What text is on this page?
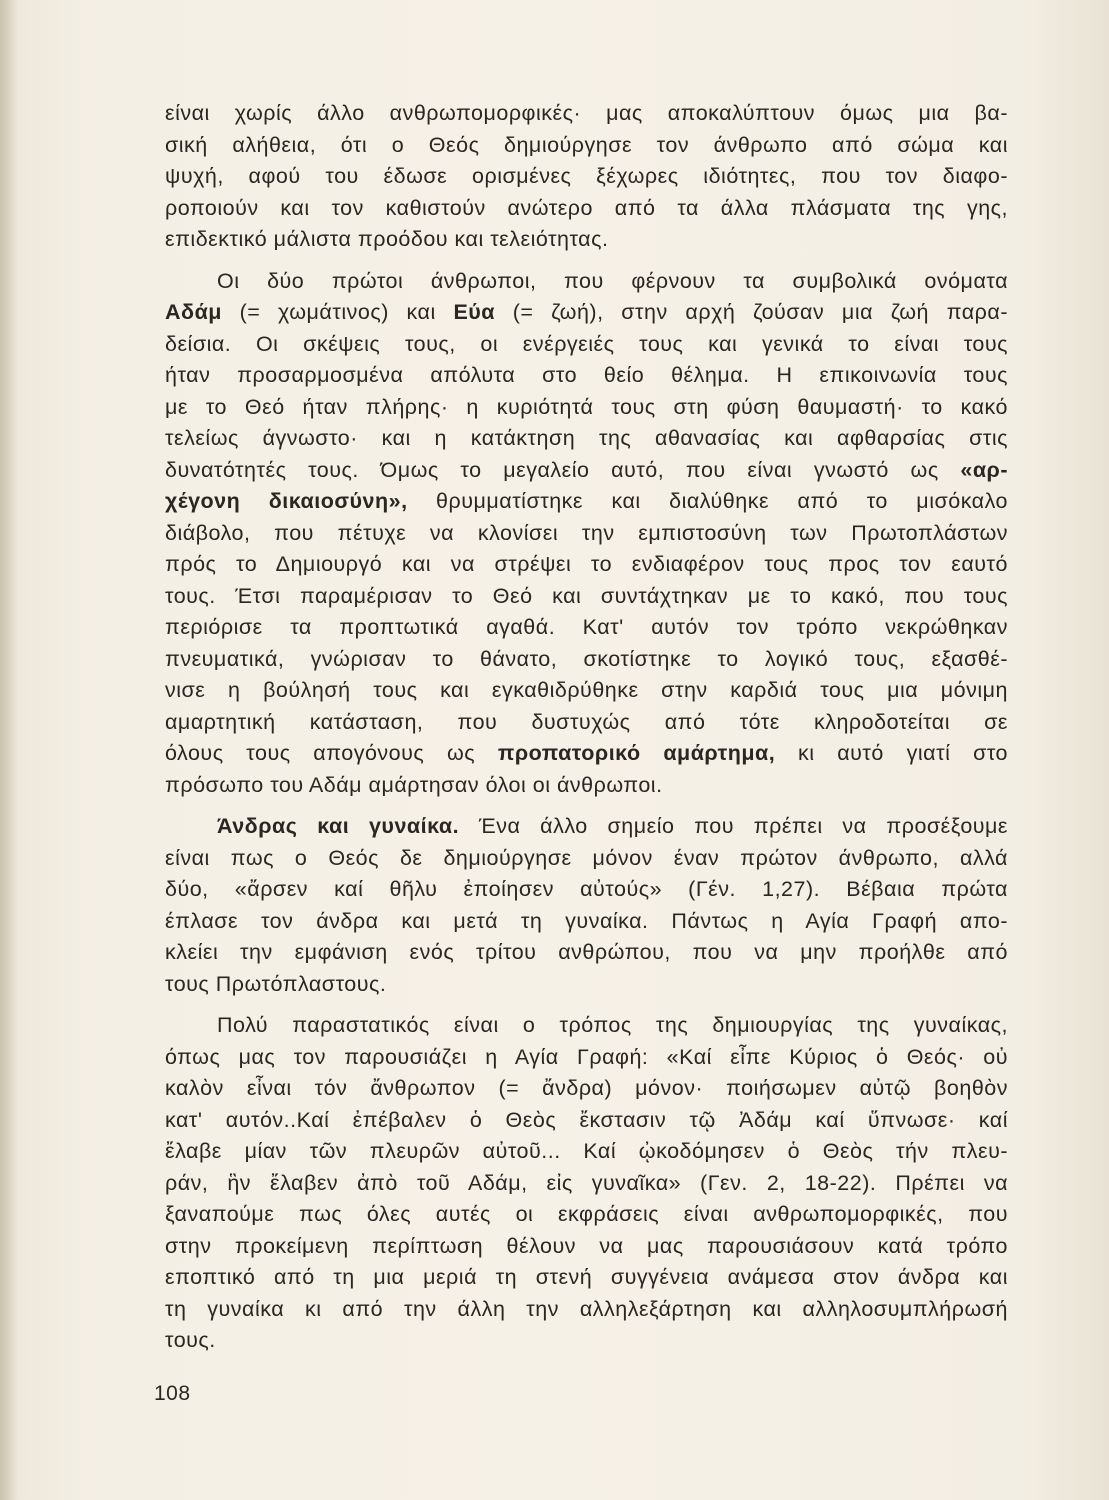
είναι χωρίς άλλο ανθρωπομορφικές· μας αποκαλύπτουν όμως μια βα-
σική αλήθεια, ότι ο Θεός δημιούργησε τον άνθρωπο από σώμα και
ψυχή, αφού του έδωσε ορισμένες ξέχωρες ιδιότητες, που τον διαφο-
ροποιούν και τον καθιστούν ανώτερο από τα άλλα πλάσματα της γης,
επιδεκτικό μάλιστα προόδου και τελειότητας.
Οι δύο πρώτοι άνθρωποι, που φέρνουν τα συμβολικά ονόματα
Αδάμ (= χωμάτινος) και Εύα (= ζωή), στην αρχή ζούσαν μια ζωή παρα-
δείσια. Οι σκέψεις τους, οι ενέργειές τους και γενικά το είναι τους
ήταν προσαρμοσμένα απόλυτα στο θείο θέλημα. Η επικοινωνία τους
με το Θεό ήταν πλήρης· η κυριότητά τους στη φύση θαυμαστή· το κακό
τελείως άγνωστο· και η κατάκτηση της αθανασίας και αφθαρσίας στις
δυνατότητές τους. Όμως το μεγαλείο αυτό, που είναι γνωστό ως «αρ-
χέγονη δικαιοσύνη», θρυμματίστηκε και διαλύθηκε από το μισόκαλο
διάβολο, που πέτυχε να κλονίσει την εμπιστοσύνη των Πρωτοπλάστων
πρός το Δημιουργό και να στρέψει το ενδιαφέρον τους προς τον εαυτό
τους. Έτσι παραμέρισαν το Θεό και συντάχτηκαν με το κακό, που τους
περιόρισε τα προπτωτικά αγαθά. Κατ' αυτόν τον τρόπο νεκρώθηκαν
πνευματικά, γνώρισαν το θάνατο, σκοτίστηκε το λογικό τους, εξασθέ-
νισε η βούλησή τους και εγκαθιδρύθηκε στην καρδιά τους μια μόνιμη
αμαρτητική κατάσταση, που δυστυχώς από τότε κληροδοτείται σε
όλους τους απογόνους ως προπατορικό αμάρτημα, κι αυτό γιατί στο
πρόσωπο του Αδάμ αμάρτησαν όλοι οι άνθρωποι.
Άνδρας και γυναίκα. Ένα άλλο σημείο που πρέπει να προσέξουμε
είναι πως ο Θεός δε δημιούργησε μόνον έναν πρώτον άνθρωπο, αλλά
δύο, «ἄρσεν καί θῆλυ ἐποίησεν αὐτούς» (Γέν. 1,27). Βέβαια πρώτα
έπλασε τον άνδρα και μετά τη γυναίκα. Πάντως η Αγία Γραφή απο-
κλείει την εμφάνιση ενός τρίτου ανθρώπου, που να μην προήλθε από
τους Πρωτόπλαστους.
Πολύ παραστατικός είναι ο τρόπος της δημιουργίας της γυναίκας,
όπως μας τον παρουσιάζει η Αγία Γραφή: «Καί εἶπε Κύριος ὁ Θεός· οὐ
καλὸν εἶναι τόν ἄνθρωπον (= ἄνδρα) μόνον· ποιήσωμεν αὐτῷ βοηθὸν
κατ' αυτόν..Καί ἐπέβαλεν ὁ Θεὸς ἔκστασιν τῷ Ἀδάμ καί ὕπνωσε· καί
ἔλαβε μίαν τῶν πλευρῶν αὐτοῦ... Καί ᾠκοδόμησεν ὁ Θεὸς τήν πλευ-
ράν, ἣν ἔλαβεν ἀπὸ τοῦ Αδάμ, εἰς γυναῖκα» (Γεν. 2, 18-22). Πρέπει να
ξαναπούμε πως όλες αυτές οι εκφράσεις είναι ανθρωπομορφικές, που
στην προκείμενη περίπτωση θέλουν να μας παρουσιάσουν κατά τρόπο
εποπτικό από τη μια μεριά τη στενή συγγένεια ανάμεσα στον άνδρα και
τη γυναίκα κι από την άλλη την αλληλεξάρτηση και αλληλοσυμπλήρωσή
τους.
108
